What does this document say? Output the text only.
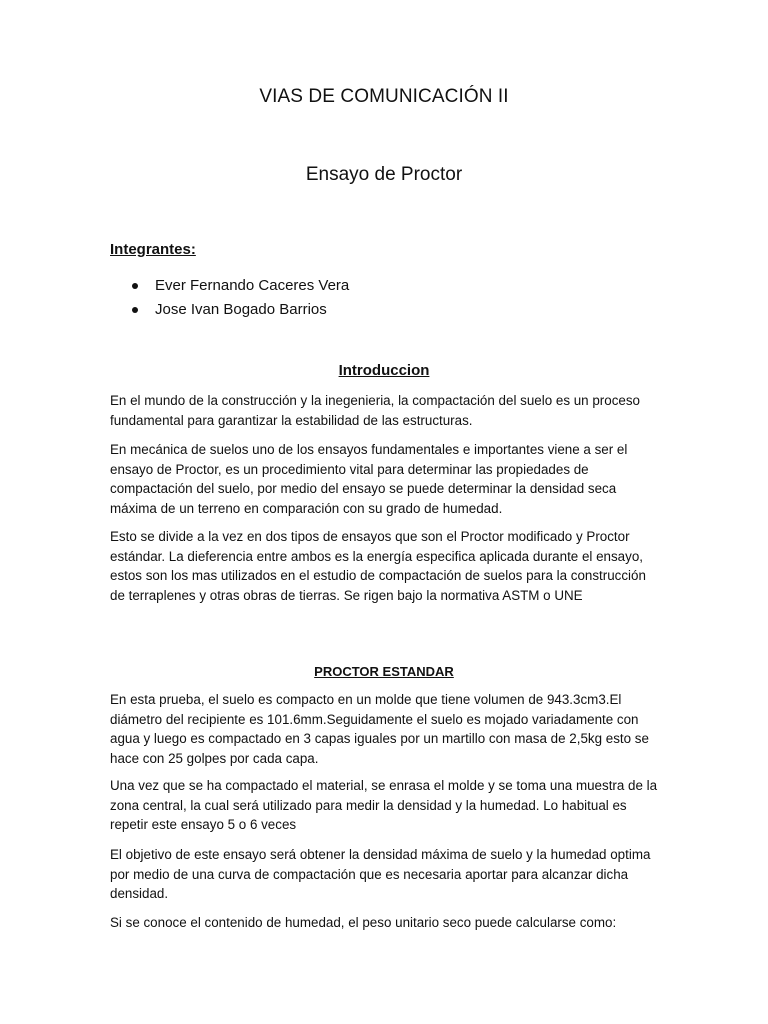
VIAS DE COMUNICACIÓN II
Ensayo de Proctor

Integrantes:

Ever Fernando Caceres Vera
Jose Ivan Bogado Barrios
Introduccion

En el mundo de la construcción y la inegenieria, la compactación del suelo es un proceso fundamental para garantizar la estabilidad de las estructuras.

En mecánica de suelos uno de los ensayos fundamentales e importantes viene a ser el ensayo de Proctor, es un procedimiento vital para determinar las propiedades de compactación del suelo, por medio del ensayo se puede determinar la densidad seca máxima de un terreno en comparación con su grado de humedad.

Esto se divide a la vez en dos tipos de ensayos que son el Proctor modificado y Proctor estándar. La dieferencia entre ambos es la energía especifica aplicada durante el ensayo, estos son los mas utilizados en el estudio de compactación de suelos para la construcción de terraplenes y otras obras de tierras. Se rigen bajo la normativa ASTM o UNE

PROCTOR ESTANDAR

En esta prueba, el suelo es compacto en un molde que tiene volumen de 943.3cm3.El diámetro del recipiente es 101.6mm.Seguidamente el suelo es mojado variadamente con agua y luego es compactado en 3 capas iguales por un martillo con masa de 2,5kg esto se hace con 25 golpes por cada capa.

Una vez que se ha compactado el material, se enrasa el molde y se toma una muestra de la zona central, la cual será utilizado para medir la densidad y la humedad. Lo habitual es repetir este ensayo 5 o 6 veces

El objetivo de este ensayo será obtener la densidad máxima de suelo y la humedad optima por medio de una curva de compactación que es necesaria aportar para alcanzar dicha densidad.

Si se conoce el contenido de humedad, el peso unitario seco puede calcularse como:
